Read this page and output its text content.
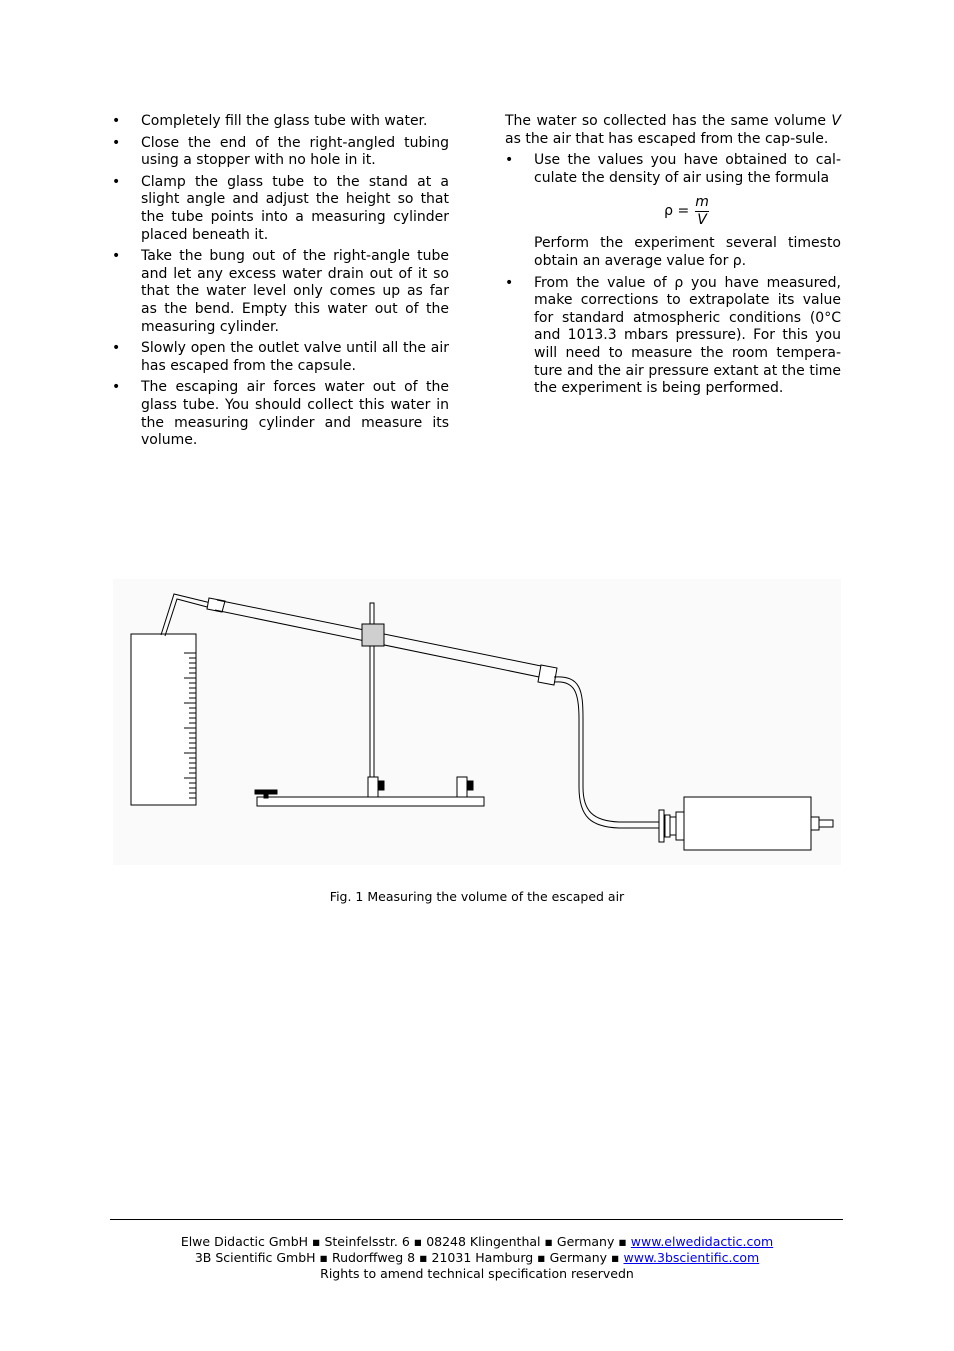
• Completely fill the glass tube with water.
• Close the end of the right-angled tubing using a stopper with no hole in it.
• Clamp the glass tube to the stand at a slight angle and adjust the height so that the tube points into a measuring cylinder placed beneath it.
• Take the bung out of the right-angle tube and let any excess water drain out of it so that the water level only comes up as far as the bend. Empty this water out of the measuring cylinder.
• Slowly open the outlet valve until all the air has escaped from the capsule.
• The escaping air forces water out of the glass tube. You should collect this water in the measuring cylinder and measure its volume.

The water so collected has the same volume V as the air that has escaped from the cap-sule.

• Use the values you have obtained to cal-culate the density of air using the formula
$\rho = \frac{m}{V}$

Perform the experiment several timesto obtain an average value for ρ.

• From the value of ρ you have measured, make corrections to extrapolate its value for standard atmospheric conditions (0°C and 1013.3 mbars pressure). For this you will need to measure the room tempera-ture and the air pressure extant at the time the experiment is being performed.
Fig. 1 Measuring the volume of the escaped air
Elwe Didactic GmbH ▪ Steinfelsstr. 6 ▪ 08248 Klingenthal ▪ Germany ▪ www.elwedidactic.com
3B Scientific GmbH ▪ Rudorffweg 8 ▪ 21031 Hamburg ▪ Germany ▪ www.3bscientific.com
Rights to amend technical specification reservedn
